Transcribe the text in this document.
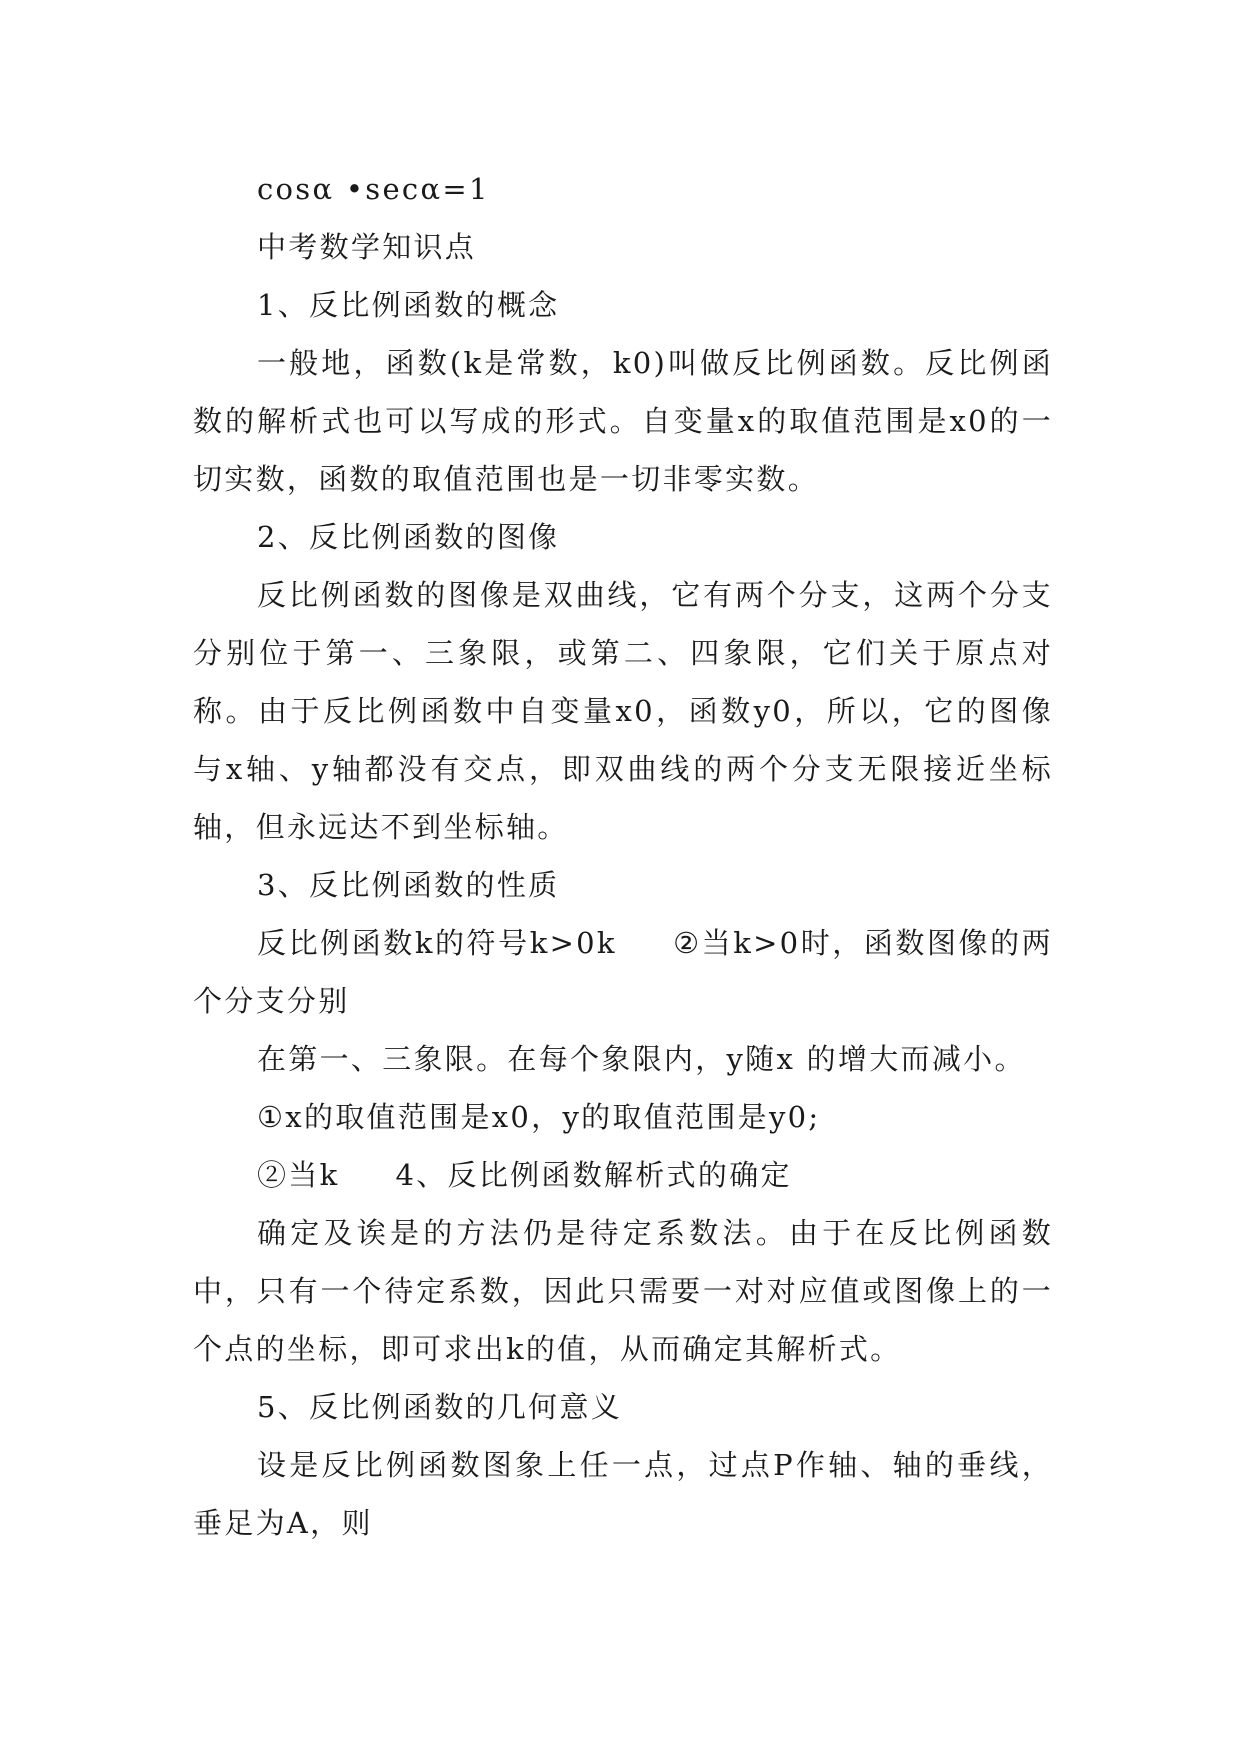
cosα •secα=1

中考数学知识点

1、反比例函数的概念

一般地，函数(k是常数，k0)叫做反比例函数。反比例函数的解析式也可以写成的形式。自变量x的取值范围是x0的一切实数，函数的取值范围也是一切非零实数。

2、反比例函数的图像

反比例函数的图像是双曲线，它有两个分支，这两个分支分别位于第一、三象限，或第二、四象限，它们关于原点对称。由于反比例函数中自变量x0，函数y0，所以，它的图像与x轴、y轴都没有交点，即双曲线的两个分支无限接近坐标轴，但永远达不到坐标轴。

3、反比例函数的性质

反比例函数k的符号k>0k ②当k>0时，函数图像的两个分支分别

在第一、三象限。在每个象限内，y随x 的增大而减小。

①x的取值范围是x0，y的取值范围是y0;

②当k 4、反比例函数解析式的确定

确定及诶是的方法仍是待定系数法。由于在反比例函数中，只有一个待定系数，因此只需要一对对应值或图像上的一个点的坐标，即可求出k的值，从而确定其解析式。

5、反比例函数的几何意义

设是反比例函数图象上任一点，过点P作轴、轴的垂线，垂足为A，则
